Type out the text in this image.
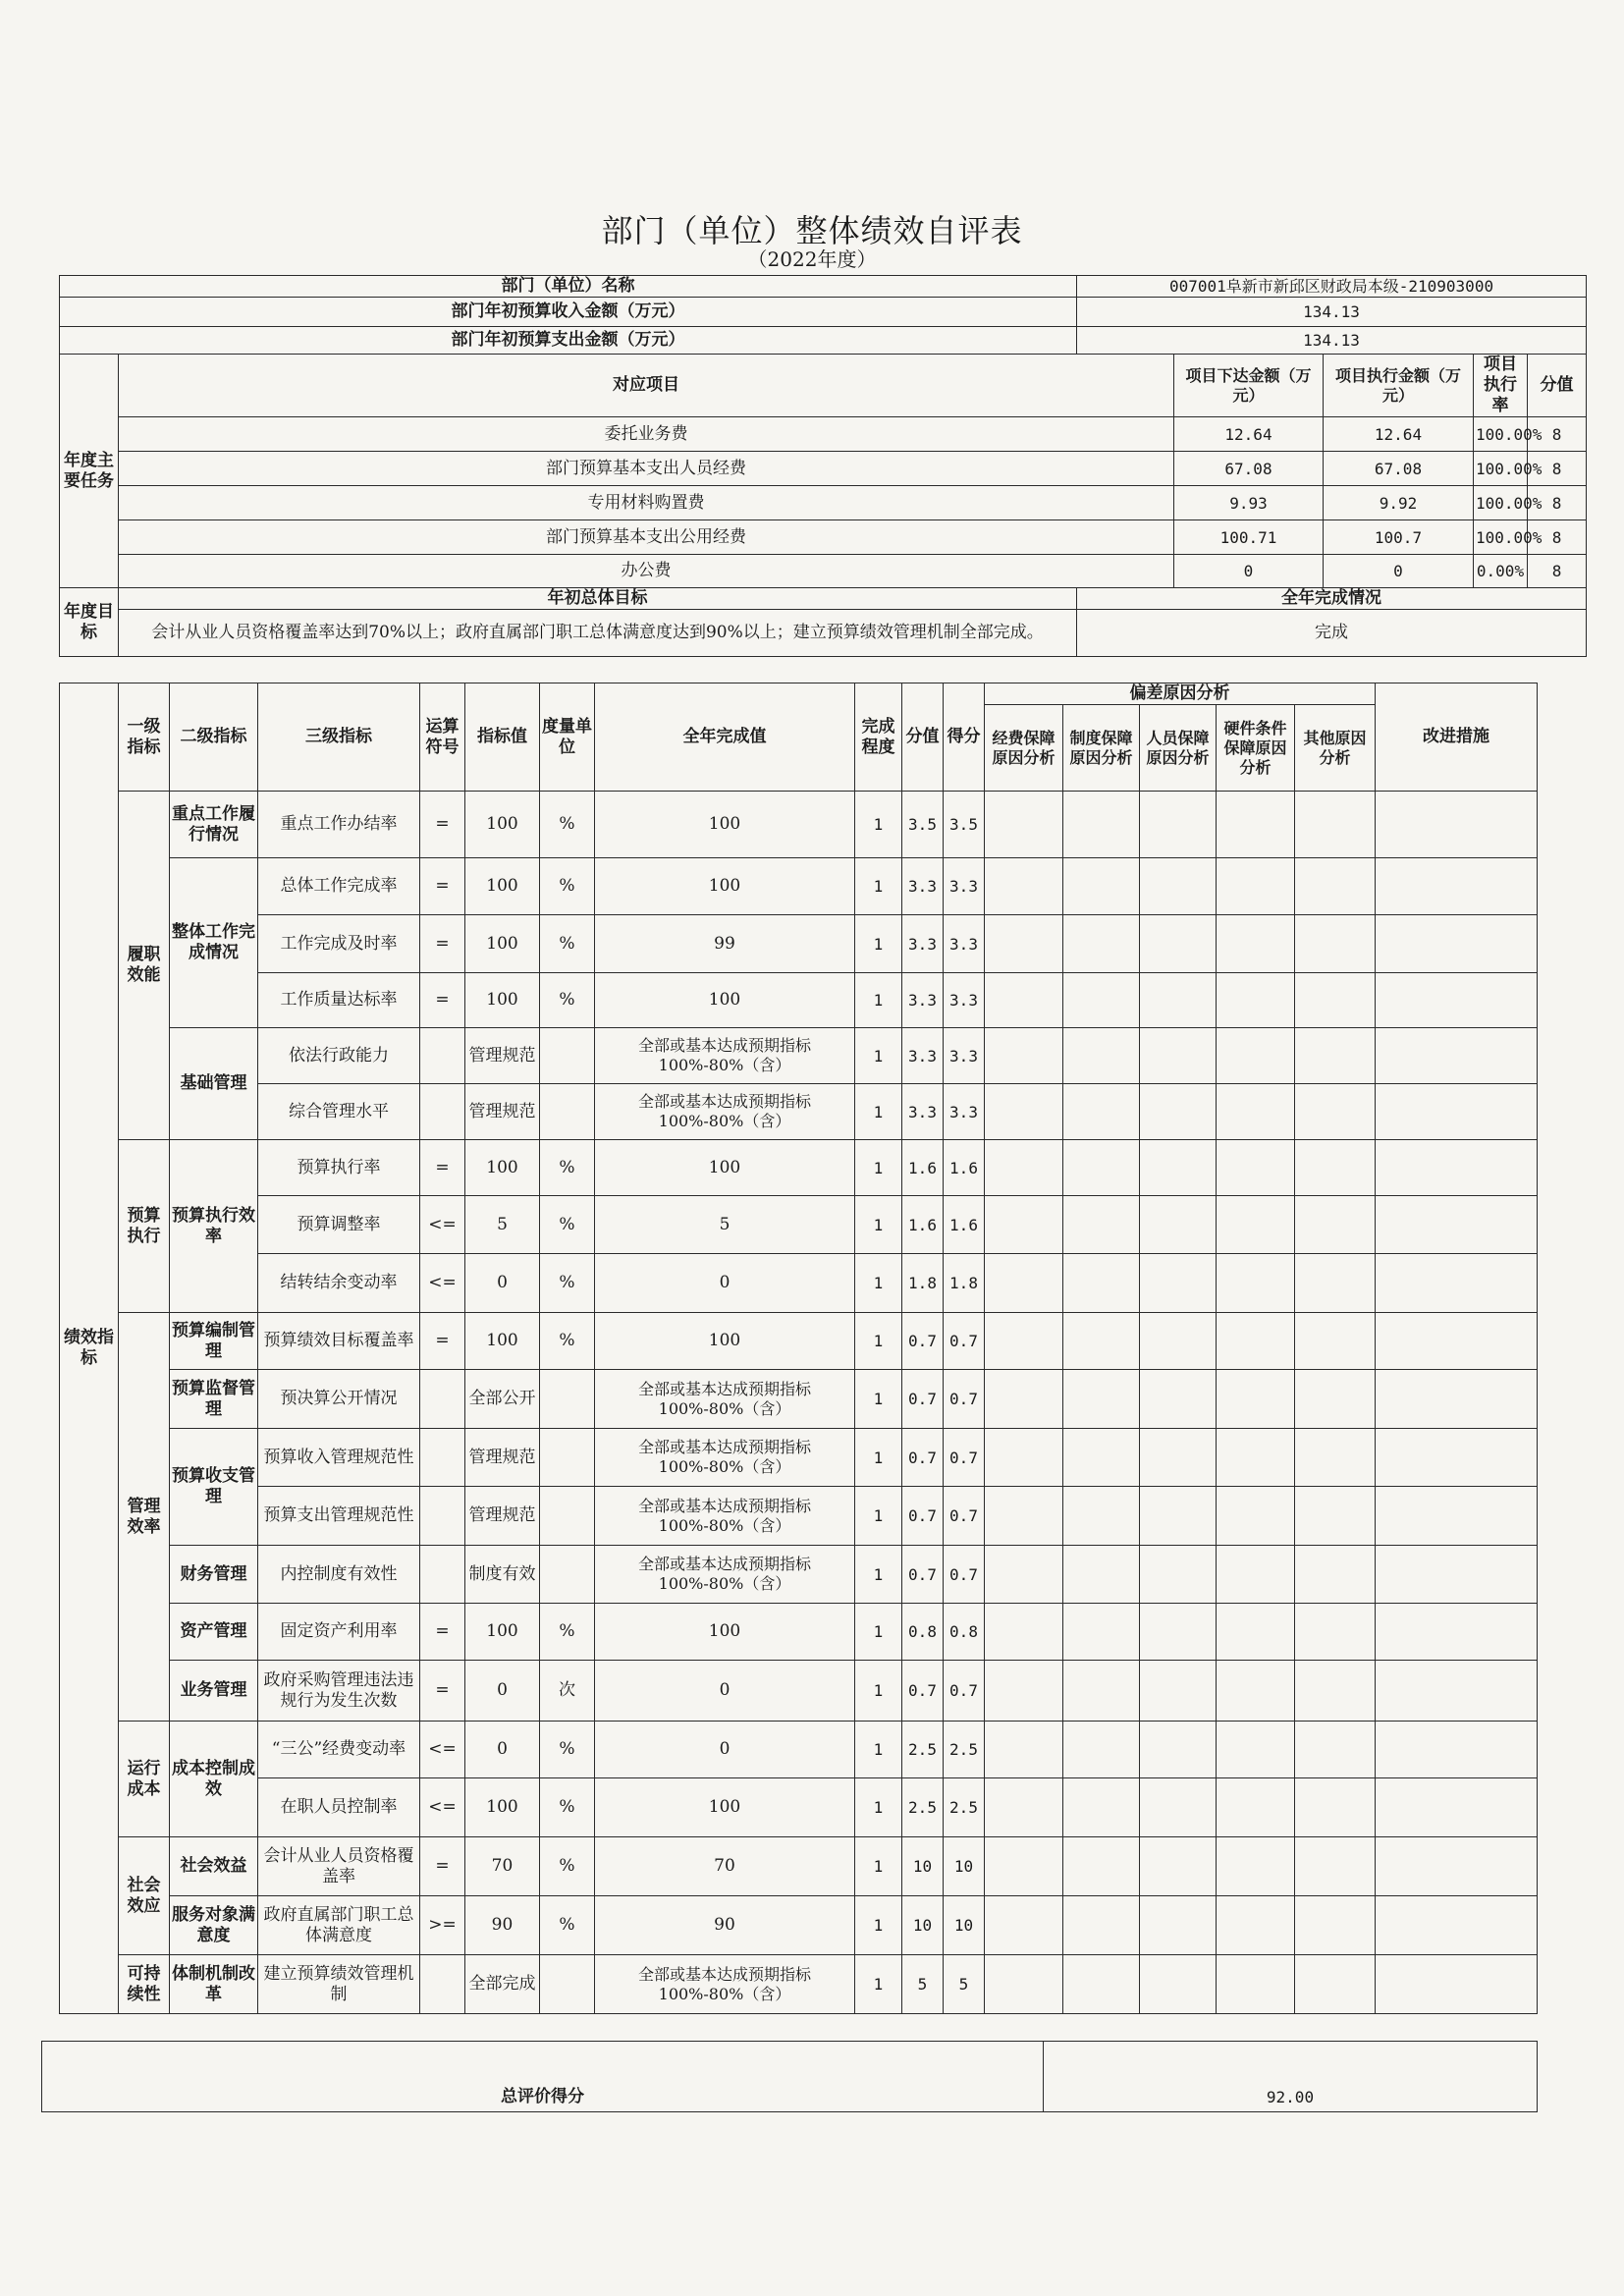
部门（单位）整体绩效自评表
（2022年度）
部门（单位）名称		007001阜新市新邱区财政局本级-210903000					
部门年初预算收入金额（万元）		134.13					
部门年初预算支出金额（万元）		134.13					
年度主要任务	对应项目		项目下达金额（万元）	项目执行金额（万元）	项目执行率	分值	
	委托业务费		12.64	12.64	100.00%	8	
	部门预算基本支出人员经费		67.08	67.08	100.00%	8	
	专用材料购置费		9.93	9.92	100.00%	8	
	部门预算基本支出公用经费		100.71	100.7	100.00%	8	
	办公费		0	0	0.00%	8	
年度目标	年初总体目标	全年完成情况					
	会计从业人员资格覆盖率达到70%以上；政府直属部门职工总体满意度达到90%以上；建立预算绩效管理机制全部完成。	完成					
绩效指标	一级指标	二级指标	三级指标	运算符号	指标值	度量单位	全年完成值	完成程度	分值	得分	偏差原因分析					改进措施
											经费保障原因分析	制度保障原因分析	人员保障原因分析	硬件条件保障原因分析	其他原因分析	
	履职效能	重点工作履行情况	重点工作办结率	=	100	%	100	1	3.5	3.5						
		整体工作完成情况	总体工作完成率	=	100	%	100	1	3.3	3.3						
			工作完成及时率	=	100	%	99	1	3.3	3.3						
			工作质量达标率	=	100	%	100	1	3.3	3.3						
		基础管理	依法行政能力		管理规范		全部或基本达成预期指标100%-80%（含）	1	3.3	3.3						
			综合管理水平		管理规范		全部或基本达成预期指标100%-80%（含）	1	3.3	3.3						
	预算执行	预算执行效率	预算执行率	=	100	%	100	1	1.6	1.6						
			预算调整率	<=	5	%	5	1	1.6	1.6						
			结转结余变动率	<=	0	%	0	1	1.8	1.8						
	管理效率	预算编制管理	预算绩效目标覆盖率	=	100	%	100	1	0.7	0.7						
		预算监督管理	预决算公开情况		全部公开		全部或基本达成预期指标100%-80%（含）	1	0.7	0.7						
		预算收支管理	预算收入管理规范性		管理规范		全部或基本达成预期指标100%-80%（含）	1	0.7	0.7						
			预算支出管理规范性		管理规范		全部或基本达成预期指标100%-80%（含）	1	0.7	0.7						
		财务管理	内控制度有效性		制度有效		全部或基本达成预期指标100%-80%（含）	1	0.7	0.7						
		资产管理	固定资产利用率	=	100	%	100	1	0.8	0.8						
		业务管理	政府采购管理违法违规行为发生次数	=	0	次	0	1	0.7	0.7						
	运行成本	成本控制成效	“三公”经费变动率	<=	0	%	0	1	2.5	2.5						
			在职人员控制率	<=	100	%	100	1	2.5	2.5						
	社会效应	社会效益	会计从业人员资格覆盖率	=	70	%	70	1	10	10						
		服务对象满意度	政府直属部门职工总体满意度	>=	90	%	90	1	10	10						
	可持续性	体制机制改革	建立预算绩效管理机制		全部完成		全部或基本达成预期指标100%-80%（含）	1	5	5						
总评价得分	92.00
